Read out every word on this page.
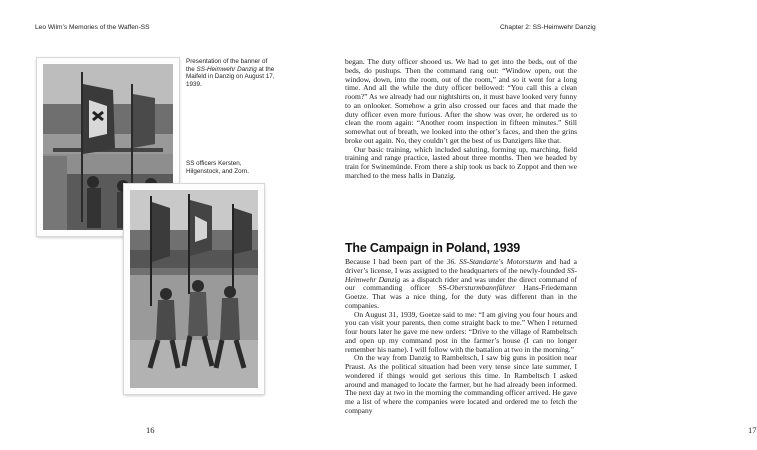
Leo Wilm’s Memories of the Waffen-SS
Presentation of the banner of the SS-Heimwehr Danzig at the Maifeld in Danzig on August 17, 1939.
SS officers Kersten, Hilgenstock, and Zorn.
16
Chapter 2: SS-Heimwehr Danzig
17

began. The duty officer shooed us. We had to get into the beds, out of the beds, do pushups. Then the command rang out: “Window open, out the window, down, into the room, out of the room,” and so it went for a long time. And all the while the duty officer bellowed: “You call this a clean room?” As we already had our nightshirts on, it must have looked very funny to an onlooker. Somehow a grin also crossed our faces and that made the duty officer even more furious. After the show was over, he ordered us to clean the room again: “Another room inspection in fifteen minutes.” Still somewhat out of breath, we looked into the other’s faces, and then the grins broke out again. No, they couldn’t get the best of us Danzigers like that.

Our basic training, which included saluting, forming up, marching, field training and range practice, lasted about three months. Then we headed by train for Swinemünde. From there a ship took us back to Zoppot and then we marched to the mess halls in Danzig.

The Campaign in Poland, 1939

Because I had been part of the 36. SS-Standarte’s Motorsturm and had a driver’s license, I was assigned to the headquarters of the newly-founded SS-Heimwehr Danzig as a dispatch rider and was under the direct command of our commanding officer SS-Obersturmbannführer Hans-Friedemann Goetze. That was a nice thing, for the duty was different than in the companies.

On August 31, 1939, Goetze said to me: “I am giving you four hours and you can visit your parents, then come straight back to me.” When I returned four hours later he gave me new orders: “Drive to the village of Rambeltsch and open up my command post in the farmer’s house (I can no longer remember his name). I will follow with the battalion at two in the morning.”

On the way from Danzig to Rambeltsch, I saw big guns in position near Praust. As the political situation had been very tense since late summer, I wondered if things would get serious this time. In Rambeltsch I asked around and managed to locate the farmer, but he had already been informed. The next day at two in the morning the commanding officer arrived. He gave me a list of where the companies were located and ordered me to fetch the company
